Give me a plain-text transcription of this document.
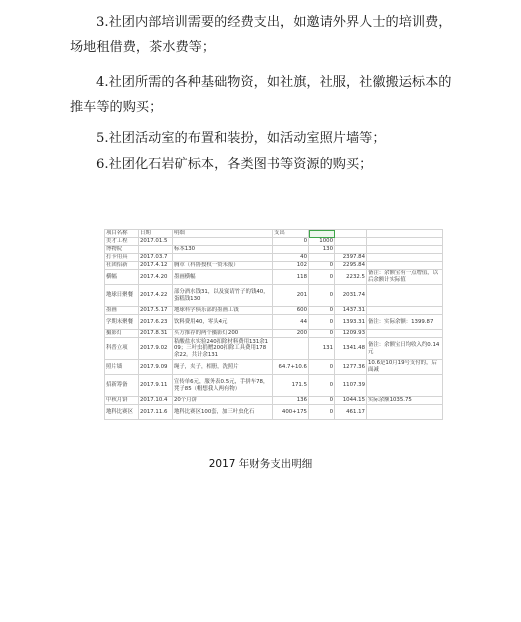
3.社团内部培训需要的经费支出，如邀请外界人士的培训费，场地租借费，茶水费等；

4.社团所需的各种基础物资，如社旗，社服，社徽搬运标本的推车等的购买；

5.社团活动室的布置和装扮，如活动室照片墙等；

6.社团化石岩矿标本，各类图书等资源的购买；

项目名称	日期	明细	支出			
美才工程	2017.01.5		0	1000		
博物院		标本130		130		
打卡用具	2017.03.7		40		2397.84	
社团招新	2017.4.12	胸章（科协授权一赞未报）	102	0	2295.84	
横幅	2017.4.20	墨画横幅	118	0	2232.5	备注：余额宝有一点增值，以后余额计实际值
地球日聚餐	2017.4.22	部分酒水钱31，以及宴请竹子的钱40，蛋糕钱130	201	0	2031.74	
墨画	2017.5.17	地球科学俱乐部的墨画工钱	600	0	1437.31	
学期末聚餐	2017.6.23	饮料费用40，零头4元	44	0	1393.31	备注：实际余额：1399.87
摄影灯	2017.8.31	买方推荐的两个摄影灯200	200	0	1209.93	
科普立项	2017.9.02	秸酸盐水实验240扣除材料费用131余109；三叶虫捐赠200扣除工具费用178余22。共计余131		131	1341.48	备注：余额宝日均收入约0.14元
照片墙	2017.9.09	绳子，夹子，相册，洗照片	64.7+10.6	0	1277.36	10.6是10月19号支付的，后面减
招新筹备	2017.9.11	宣传单6元，服务表0.5元，手拼车78，凳子85（帽想我人两有物）	171.5	0	1107.39	
中秋月饼	2017.10.4	20个月饼	136	0	1044.15	实际余额1035.75
地科比赛区	2017.11.6	地科比赛区100套，加三叶虫化石	400+175	0	461.17	
2017 年财务支出明细
